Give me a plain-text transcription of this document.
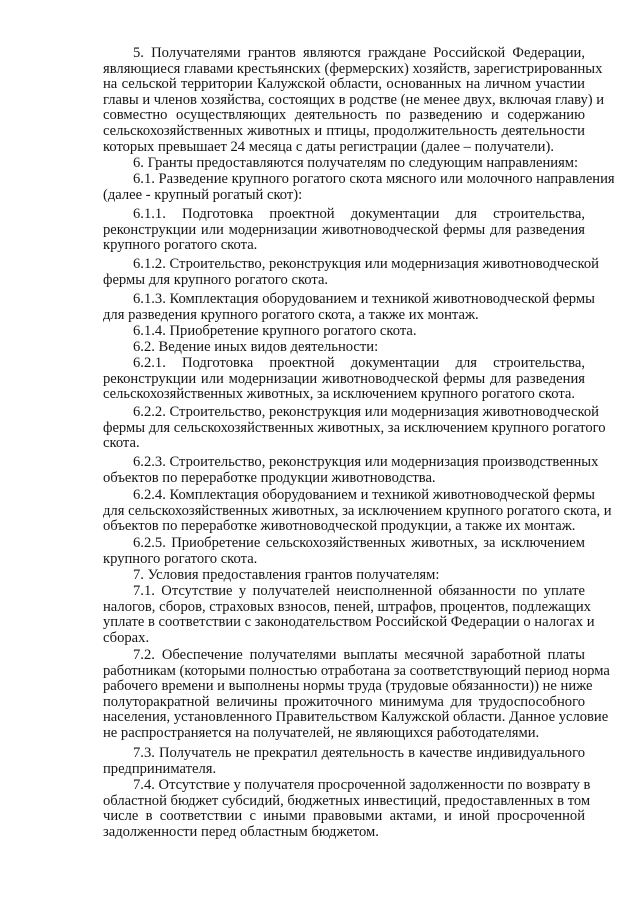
5. Получателями грантов являются граждане Российской Федерации,
являющиеся главами крестьянских (фермерских) хозяйств, зарегистрированных
на сельской территории Калужской области, основанных на личном участии
главы и членов хозяйства, состоящих в родстве (не менее двух, включая главу) и
совместно осуществляющих деятельность по разведению и содержанию
сельскохозяйственных животных и птицы, продолжительность деятельности
которых превышает 24 месяца с даты регистрации (далее – получатели).
6. Гранты предоставляются получателям по следующим направлениям:
6.1. Разведение крупного рогатого скота мясного или молочного направления
(далее - крупный рогатый скот):
6.1.1. Подготовка проектной документации для строительства,
реконструкции или модернизации животноводческой фермы для разведения
крупного рогатого скота.
6.1.2. Строительство, реконструкция или модернизация животноводческой
фермы для крупного рогатого скота.
6.1.3. Комплектация оборудованием и техникой животноводческой фермы
для разведения крупного рогатого скота, а также их монтаж.
6.1.4. Приобретение крупного рогатого скота.
6.2. Ведение иных видов деятельности:
6.2.1. Подготовка проектной документации для строительства,
реконструкции или модернизации животноводческой фермы для разведения
сельскохозяйственных животных, за исключением крупного рогатого скота.
6.2.2. Строительство, реконструкция или модернизация животноводческой
фермы для сельскохозяйственных животных, за исключением крупного рогатого
скота.
6.2.3. Строительство, реконструкция или модернизация производственных
объектов по переработке продукции животноводства.
6.2.4. Комплектация оборудованием и техникой животноводческой фермы
для сельскохозяйственных животных, за исключением крупного рогатого скота, и
объектов по переработке животноводческой продукции, а также их монтаж.
6.2.5. Приобретение сельскохозяйственных животных, за исключением
крупного рогатого скота.
7. Условия предоставления грантов получателям:
7.1. Отсутствие у получателей неисполненной обязанности по уплате
налогов, сборов, страховых взносов, пеней, штрафов, процентов, подлежащих
уплате в соответствии с законодательством Российской Федерации о налогах и
сборах.
7.2. Обеспечение получателями выплаты месячной заработной платы
работникам (которыми полностью отработана за соответствующий период норма
рабочего времени и выполнены нормы труда (трудовые обязанности)) не ниже
полуторакратной величины прожиточного минимума для трудоспособного
населения, установленного Правительством Калужской области. Данное условие
не распространяется на получателей, не являющихся работодателями.
7.3. Получатель не прекратил деятельность в качестве индивидуального
предпринимателя.
7.4. Отсутствие у получателя просроченной задолженности по возврату в
областной бюджет субсидий, бюджетных инвестиций, предоставленных в том
числе в соответствии с иными правовыми актами, и иной просроченной
задолженности перед областным бюджетом.
